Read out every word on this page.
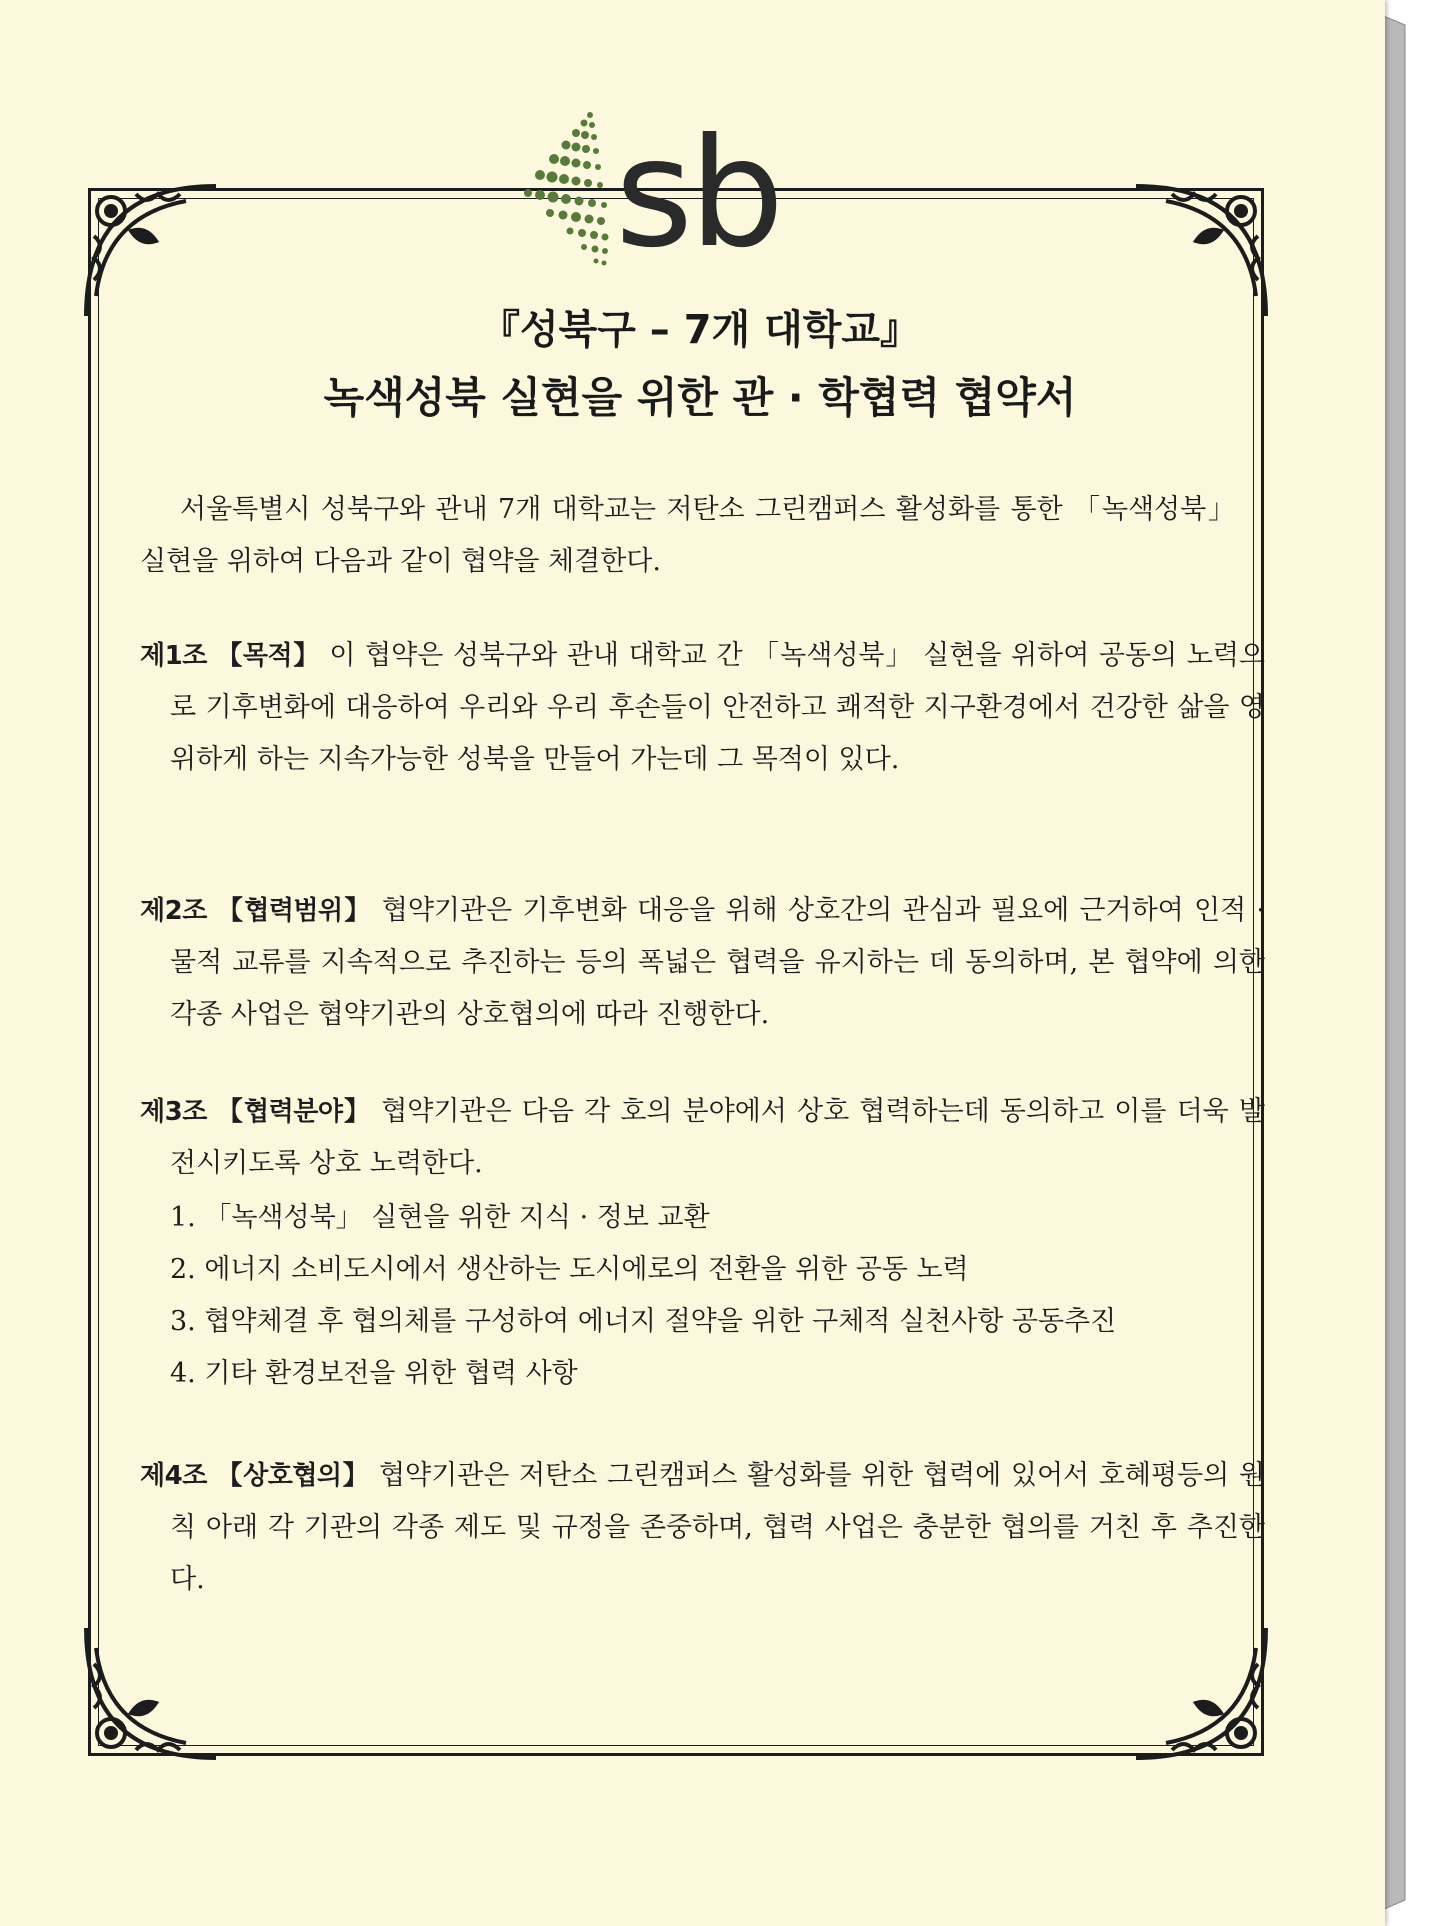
sb

『성북구 – 7개 대학교』

녹색성북 실현을 위한 관 · 학협력 협약서

서울특별시 성북구와 관내 7개 대학교는 저탄소 그린캠퍼스 활성화를 통한 「녹색성북」 실현을 위하여 다음과 같이 협약을 체결한다.

제1조 【목적】 이 협약은 성북구와 관내 대학교 간 「녹색성북」 실현을 위하여 공동의 노력으로 기후변화에 대응하여 우리와 우리 후손들이 안전하고 쾌적한 지구환경에서 건강한 삶을 영위하게 하는 지속가능한 성북을 만들어 가는데 그 목적이 있다.

제2조 【협력범위】 협약기관은 기후변화 대응을 위해 상호간의 관심과 필요에 근거하여 인적 · 물적 교류를 지속적으로 추진하는 등의 폭넓은 협력을 유지하는 데 동의하며, 본 협약에 의한 각종 사업은 협약기관의 상호협의에 따라 진행한다.

제3조 【협력분야】 협약기관은 다음 각 호의 분야에서 상호 협력하는데 동의하고 이를 더욱 발전시키도록 상호 노력한다.

1. 「녹색성북」 실현을 위한 지식 · 정보 교환

2. 에너지 소비도시에서 생산하는 도시에로의 전환을 위한 공동 노력

3. 협약체결 후 협의체를 구성하여 에너지 절약을 위한 구체적 실천사항 공동추진

4. 기타 환경보전을 위한 협력 사항

제4조 【상호협의】 협약기관은 저탄소 그린캠퍼스 활성화를 위한 협력에 있어서 호혜평등의 원칙 아래 각 기관의 각종 제도 및 규정을 존중하며, 협력 사업은 충분한 협의를 거친 후 추진한다.
